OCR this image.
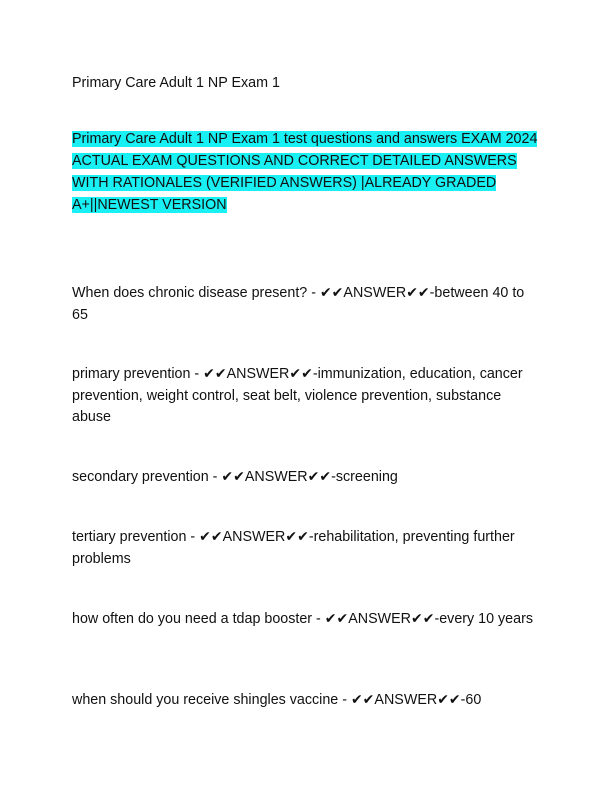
Primary Care Adult 1 NP Exam 1

Primary Care Adult 1 NP Exam 1 test questions and answers EXAM 2024 ACTUAL EXAM QUESTIONS AND CORRECT DETAILED ANSWERS WITH RATIONALES (VERIFIED ANSWERS) |ALREADY GRADED A+||NEWEST VERSION

When does chronic disease present? - ✔✔ANSWER✔✔-between 40 to 65

primary prevention - ✔✔ANSWER✔✔-immunization, education, cancer prevention, weight control, seat belt, violence prevention, substance abuse

secondary prevention - ✔✔ANSWER✔✔-screening

tertiary prevention - ✔✔ANSWER✔✔-rehabilitation, preventing further problems

how often do you need a tdap booster - ✔✔ANSWER✔✔-every 10 years

when should you receive shingles vaccine - ✔✔ANSWER✔✔-60
